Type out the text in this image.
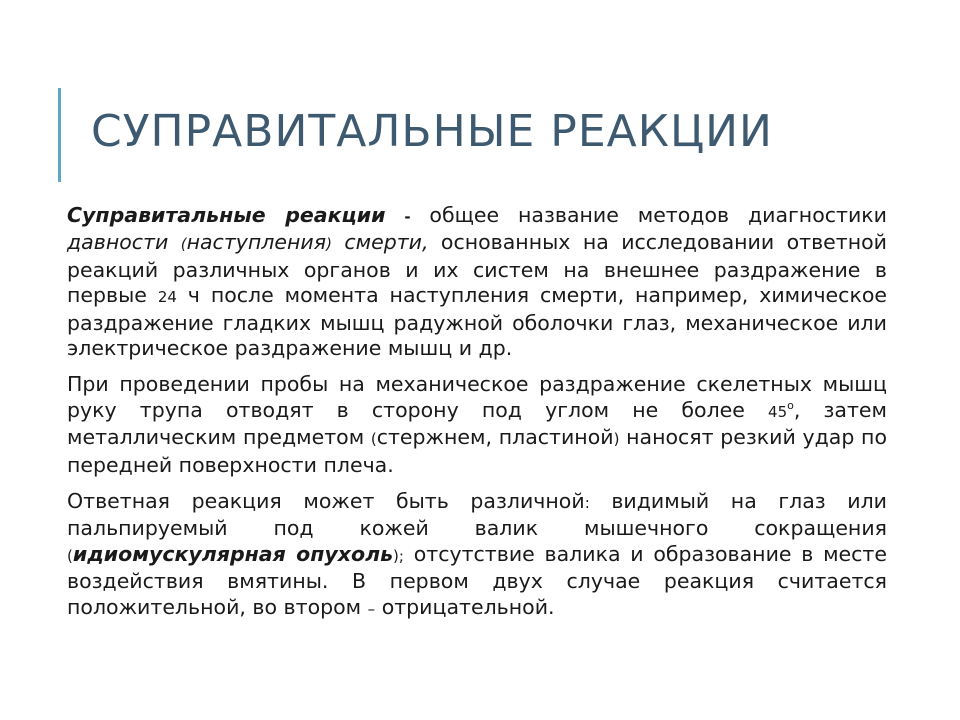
СУПРАВИТАЛЬНЫЕ РЕАКЦИИ

Суправитальные реакции - общее название методов диагностики давности (наступления) смерти, основанных на исследовании ответной реакций различных органов и их систем на внешнее раздражение в первые 24 ч после момента наступления смерти, например, химическое раздражение гладких мышц радужной оболочки глаз, механическое или электрическое раздражение мышц и др.

При проведении пробы на механическое раздражение скелетных мышц руку трупа отводят в сторону под углом не более 45$^o$, затем металлическим предметом (стержнем, пластиной) наносят резкий удар по передней поверхности плеча.

Ответная реакция может быть различной: видимый на глаз или пальпируемый под кожей валик мышечного сокращения (идиомускулярная опухоль); отсутствие валика и образование в месте воздействия вмятины. В первом двух случае реакция считается положительной, во втором – отрицательной.
